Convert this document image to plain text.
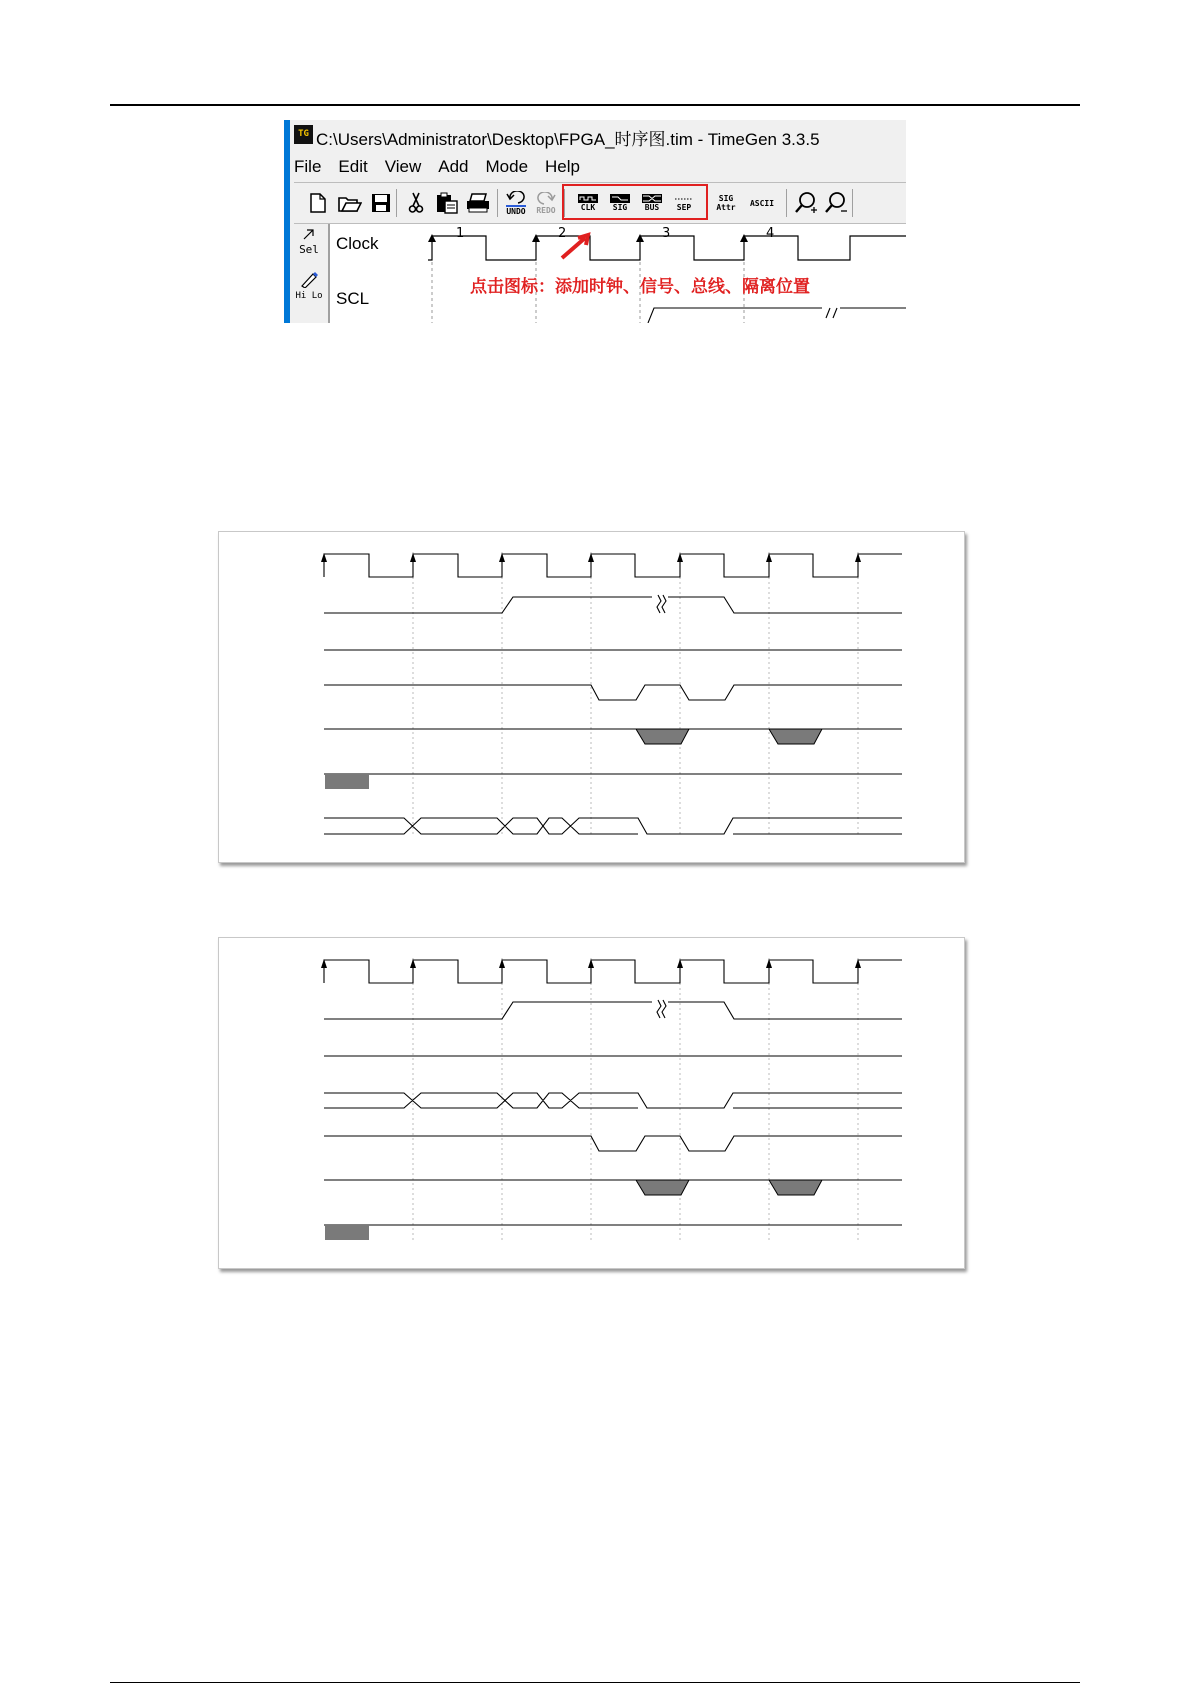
TG C:\Users\Administrator\Desktop\FPGA_时序图.tim - TimeGen 3.3.5
File Edit View Add Mode Help
UNDO REDO	CLK SIG BUS SEP
SIG
Attr ASCII
Sel
Hi Lo
Clock
SCL
1	2	3	4
点击图标：添加时钟、信号、总线、隔离位置
